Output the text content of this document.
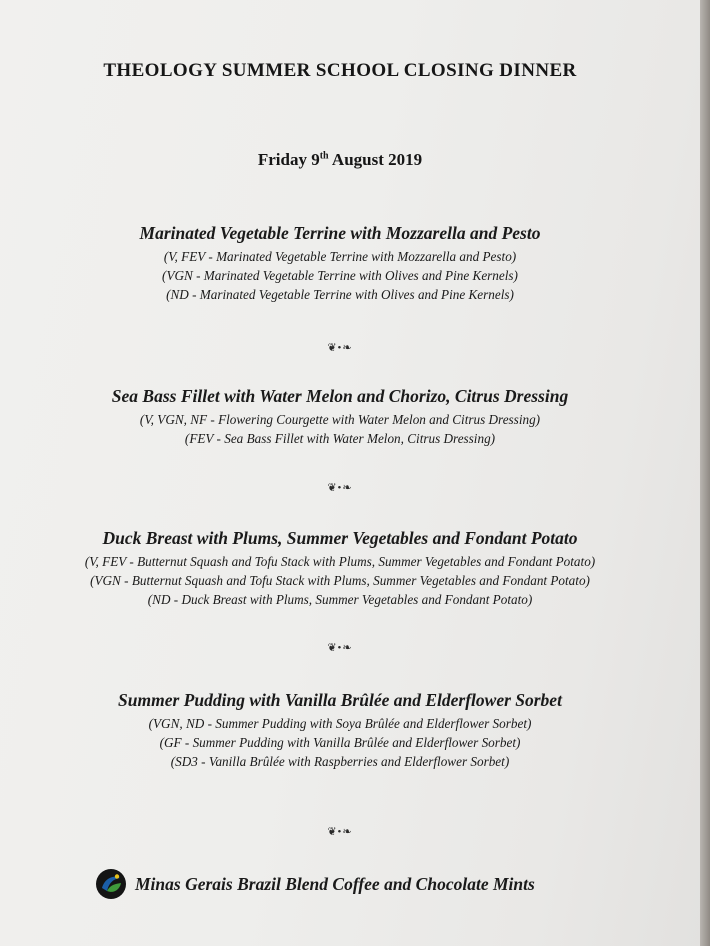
THEOLOGY SUMMER SCHOOL CLOSING DINNER
Friday 9th August 2019
Marinated Vegetable Terrine with Mozzarella and Pesto
(V, FEV - Marinated Vegetable Terrine with Mozzarella and Pesto)
(VGN - Marinated Vegetable Terrine with Olives and Pine Kernels)
(ND - Marinated Vegetable Terrine with Olives and Pine Kernels)
❦•❧
Sea Bass Fillet with Water Melon and Chorizo, Citrus Dressing
(V, VGN, NF - Flowering Courgette with Water Melon and Citrus Dressing)
(FEV - Sea Bass Fillet with Water Melon, Citrus Dressing)
❦•❧
Duck Breast with Plums, Summer Vegetables and Fondant Potato
(V, FEV - Butternut Squash and Tofu Stack with Plums, Summer Vegetables and Fondant Potato)
(VGN - Butternut Squash and Tofu Stack with Plums, Summer Vegetables and Fondant Potato)
(ND - Duck Breast with Plums, Summer Vegetables and Fondant Potato)
❦•❧
Summer Pudding with Vanilla Brûlée and Elderflower Sorbet
(VGN, ND - Summer Pudding with Soya Brûlée and Elderflower Sorbet)
(GF - Summer Pudding with Vanilla Brûlée and Elderflower Sorbet)
(SD3 - Vanilla Brûlée with Raspberries and Elderflower Sorbet)
❦•❧
Minas Gerais Brazil Blend Coffee and Chocolate Mints
